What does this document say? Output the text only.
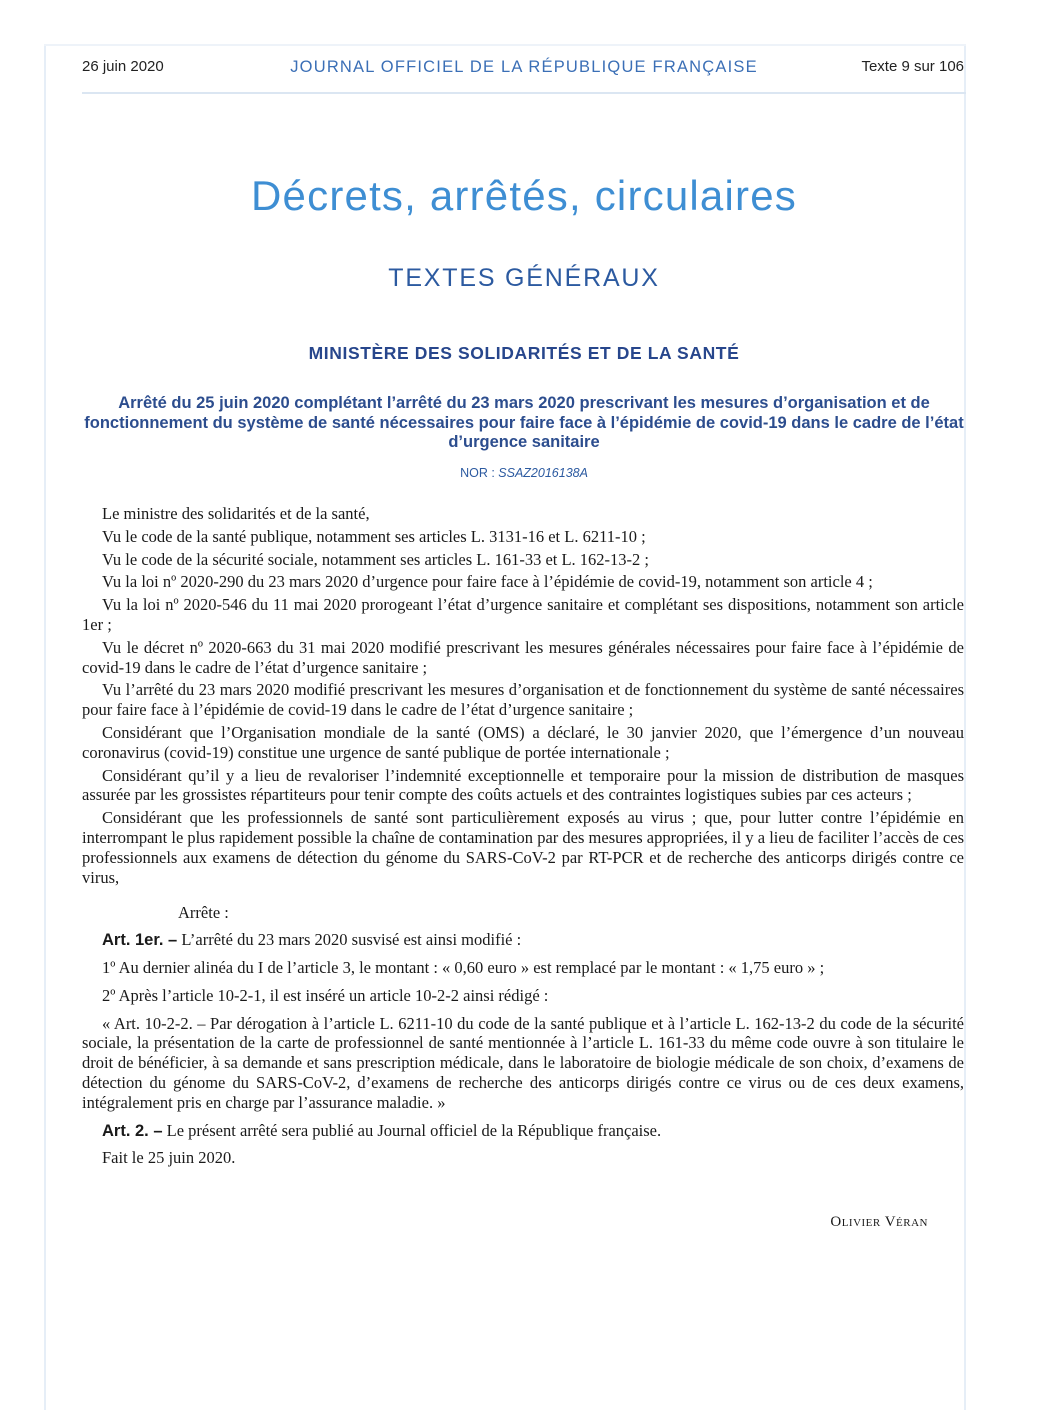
26 juin 2020	JOURNAL OFFICIEL DE LA RÉPUBLIQUE FRANÇAISE	Texte 9 sur 106
Décrets, arrêtés, circulaires
TEXTES GÉNÉRAUX
MINISTÈRE DES SOLIDARITÉS ET DE LA SANTÉ
Arrêté du 25 juin 2020 complétant l’arrêté du 23 mars 2020 prescrivant les mesures d’organisation et de fonctionnement du système de santé nécessaires pour faire face à l’épidémie de covid-19 dans le cadre de l’état d’urgence sanitaire
NOR : SSAZ2016138A

Le ministre des solidarités et de la santé,

Vu le code de la santé publique, notamment ses articles L. 3131-16 et L. 6211-10 ;

Vu le code de la sécurité sociale, notamment ses articles L. 161-33 et L. 162-13-2 ;

Vu la loi nº 2020-290 du 23 mars 2020 d’urgence pour faire face à l’épidémie de covid-19, notamment son article 4 ;

Vu la loi nº 2020-546 du 11 mai 2020 prorogeant l’état d’urgence sanitaire et complétant ses dispositions, notamment son article 1er ;

Vu le décret nº 2020-663 du 31 mai 2020 modifié prescrivant les mesures générales nécessaires pour faire face à l’épidémie de covid-19 dans le cadre de l’état d’urgence sanitaire ;

Vu l’arrêté du 23 mars 2020 modifié prescrivant les mesures d’organisation et de fonctionnement du système de santé nécessaires pour faire face à l’épidémie de covid-19 dans le cadre de l’état d’urgence sanitaire ;

Considérant que l’Organisation mondiale de la santé (OMS) a déclaré, le 30 janvier 2020, que l’émergence d’un nouveau coronavirus (covid-19) constitue une urgence de santé publique de portée internationale ;

Considérant qu’il y a lieu de revaloriser l’indemnité exceptionnelle et temporaire pour la mission de distribution de masques assurée par les grossistes répartiteurs pour tenir compte des coûts actuels et des contraintes logistiques subies par ces acteurs ;

Considérant que les professionnels de santé sont particulièrement exposés au virus ; que, pour lutter contre l’épidémie en interrompant le plus rapidement possible la chaîne de contamination par des mesures appropriées, il y a lieu de faciliter l’accès de ces professionnels aux examens de détection du génome du SARS-CoV-2 par RT-PCR et de recherche des anticorps dirigés contre ce virus,

Arrête :

Art. 1er. – L’arrêté du 23 mars 2020 susvisé est ainsi modifié :

1º Au dernier alinéa du I de l’article 3, le montant : « 0,60 euro » est remplacé par le montant : « 1,75 euro » ;

2º Après l’article 10-2-1, il est inséré un article 10-2-2 ainsi rédigé :

« Art. 10-2-2. – Par dérogation à l’article L. 6211-10 du code de la santé publique et à l’article L. 162-13-2 du code de la sécurité sociale, la présentation de la carte de professionnel de santé mentionnée à l’article L. 161-33 du même code ouvre à son titulaire le droit de bénéficier, à sa demande et sans prescription médicale, dans le laboratoire de biologie médicale de son choix, d’examens de détection du génome du SARS-CoV-2, d’examens de recherche des anticorps dirigés contre ce virus ou de ces deux examens, intégralement pris en charge par l’assurance maladie. »

Art. 2. – Le présent arrêté sera publié au Journal officiel de la République française.

Fait le 25 juin 2020.

Olivier Véran
